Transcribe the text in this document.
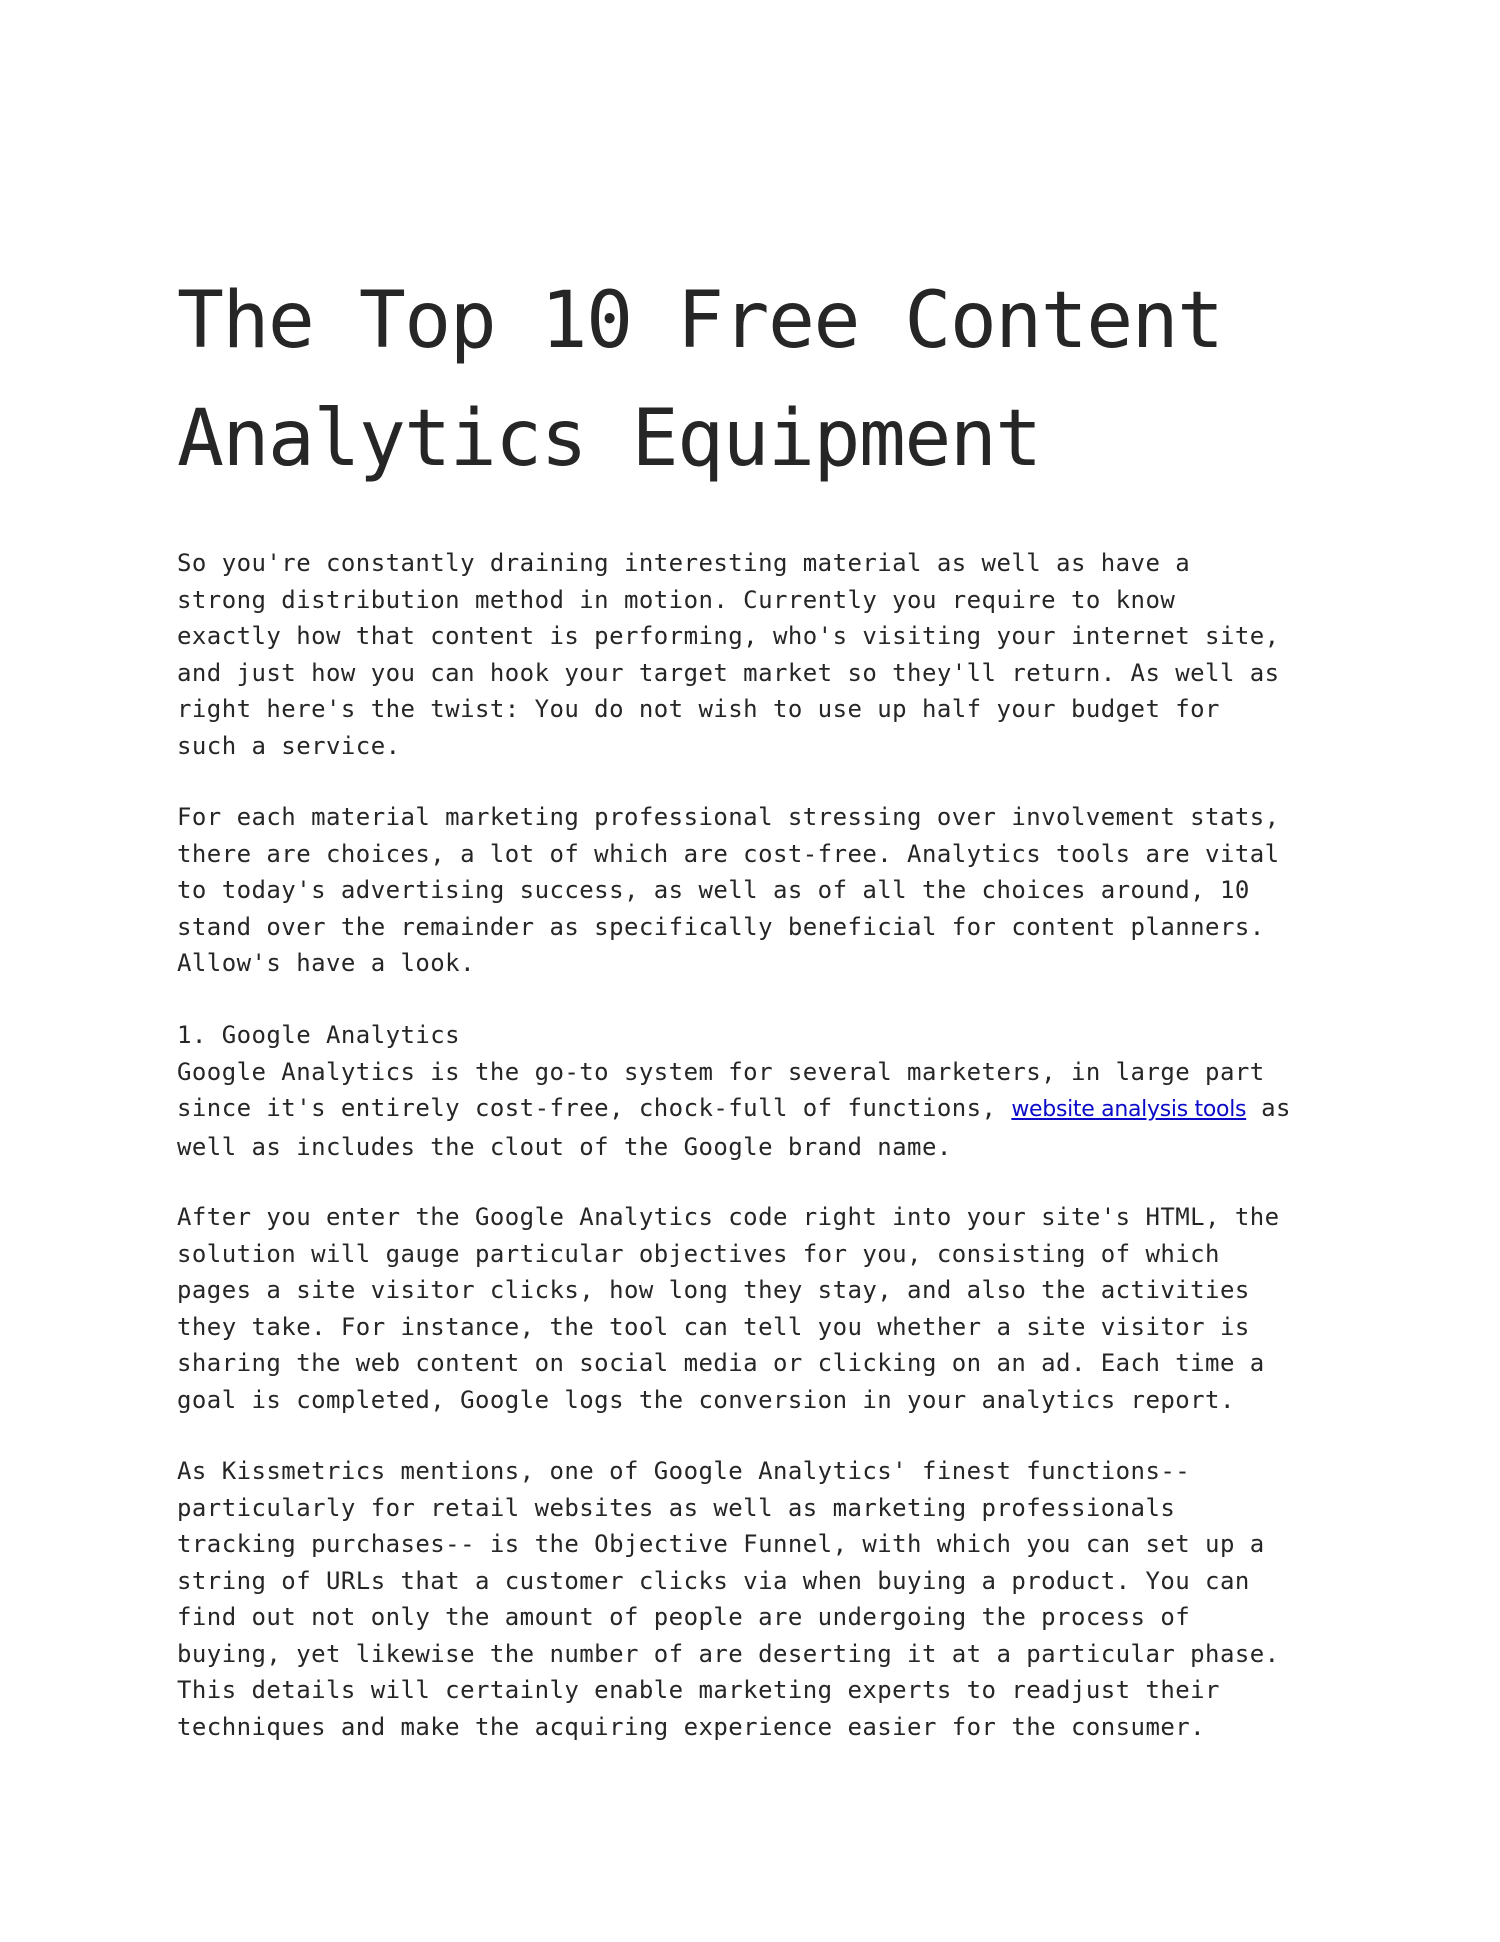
The Top 10 Free Content
Analytics Equipment

So you're constantly draining interesting material as well as have a
strong distribution method in motion. Currently you require to know
exactly how that content is performing, who's visiting your internet site,
and just how you can hook your target market so they'll return. As well as
right here's the twist: You do not wish to use up half your budget for
such a service.

For each material marketing professional stressing over involvement stats,
there are choices, a lot of which are cost-free. Analytics tools are vital
to today's advertising success, as well as of all the choices around, 10
stand over the remainder as specifically beneficial for content planners.
Allow's have a look.

1. Google Analytics
Google Analytics is the go-to system for several marketers, in large part
since it's entirely cost-free, chock-full of functions, website analysis tools as
well as includes the clout of the Google brand name.

After you enter the Google Analytics code right into your site's HTML, the
solution will gauge particular objectives for you, consisting of which
pages a site visitor clicks, how long they stay, and also the activities
they take. For instance, the tool can tell you whether a site visitor is
sharing the web content on social media or clicking on an ad. Each time a
goal is completed, Google logs the conversion in your analytics report.

As Kissmetrics mentions, one of Google Analytics' finest functions--
particularly for retail websites as well as marketing professionals
tracking purchases-- is the Objective Funnel, with which you can set up a
string of URLs that a customer clicks via when buying a product. You can
find out not only the amount of people are undergoing the process of
buying, yet likewise the number of are deserting it at a particular phase.
This details will certainly enable marketing experts to readjust their
techniques and make the acquiring experience easier for the consumer.
